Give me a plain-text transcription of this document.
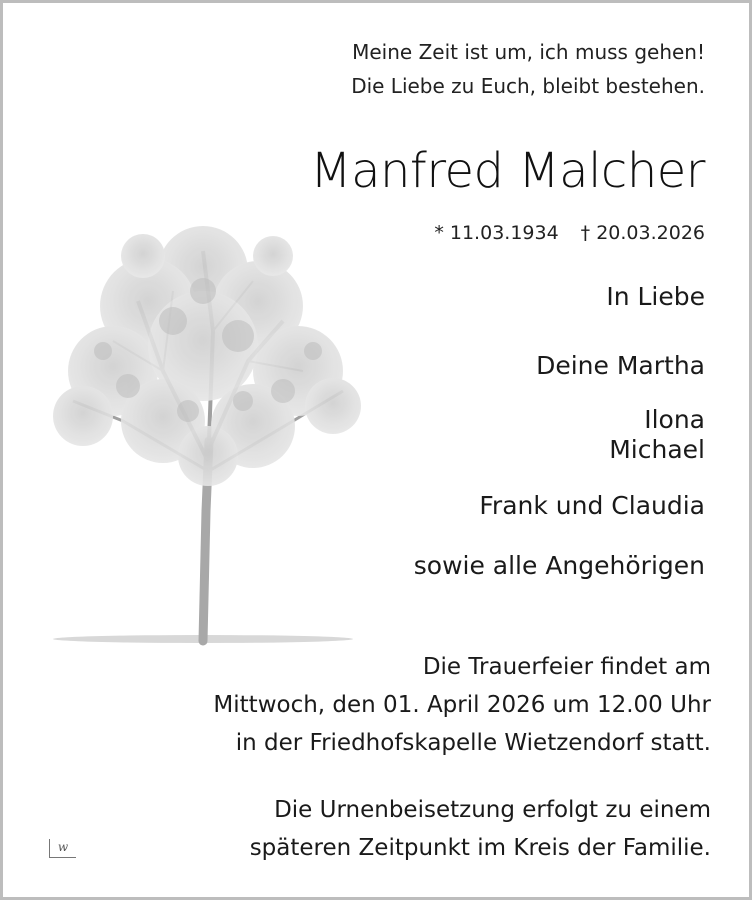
Meine Zeit ist um, ich muss gehen!
Die Liebe zu Euch, bleibt bestehen.
Manfred Malcher
* 11.03.1934 † 20.03.2026
In Liebe
Deine Martha
Ilona
Michael
Frank und Claudia
sowie alle Angehörigen
Die Trauerfeier findet am
Mittwoch, den 01. April 2026 um 12.00 Uhr
in der Friedhofskapelle Wietzendorf statt.
Die Urnenbeisetzung erfolgt zu einem
späteren Zeitpunkt im Kreis der Familie.
w
